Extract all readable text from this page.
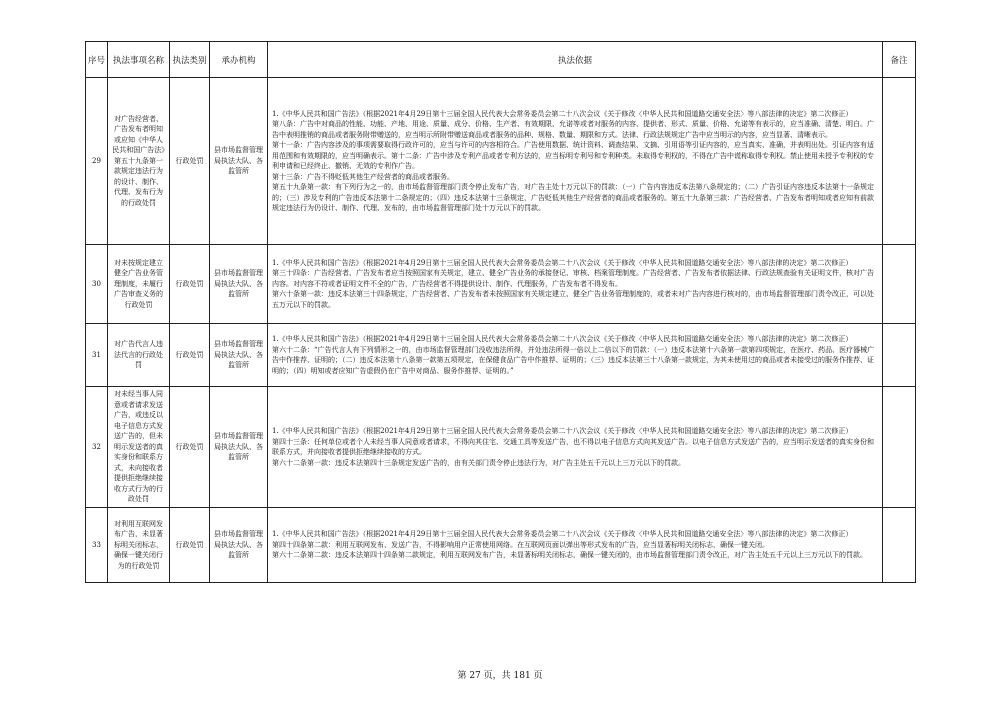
序号	执法事项名称	执法类别	承办机构	执法依据	备注
29	对广告经营者、广告发布者明知或应知《中华人民共和国广告法》第五十九条第一款规定违法行为的设计、制作、代理、发布行为的行政处罚	行政处罚	县市场监督管理局执法大队、各监管所	1.《中华人民共和国广告法》（根据2021年4月29日第十三届全国人民代表大会常务委员会第二十八次会议《关于修改〈中华人民共和国道路交通安全法〉等八部法律的决定》第二次修正）
第八条：广告中对商品的性能、功能、产地、用途、质量、成分、价格、生产者、有效期限、允诺等或者对服务的内容、提供者、形式、质量、价格、允诺等有表示的，应当准确、清楚、明白。广告中表明推销的商品或者服务附带赠送的，应当明示所附带赠送商品或者服务的品种、规格、数量、期限和方式。法律、行政法规规定广告中应当明示的内容，应当显著、清晰表示。
第十一条：广告内容涉及的事项需要取得行政许可的，应当与许可的内容相符合。广告使用数据、统计资料、调查结果、文摘、引用语等引证内容的，应当真实、准确，并表明出处。引证内容有适用范围和有效期限的，应当明确表示。第十二条：广告中涉及专利产品或者专利方法的，应当标明专利号和专利种类。未取得专利权的，不得在广告中谎称取得专利权。禁止使用未授予专利权的专利申请和已经终止、撤销、无效的专利作广告。
第十三条：广告不得贬低其他生产经营者的商品或者服务。
第五十九条第一款：有下列行为之一的，由市场监督管理部门责令停止发布广告，对广告主处十万元以下的罚款：（一）广告内容违反本法第八条规定的；（二）广告引证内容违反本法第十一条规定的；（三）涉及专利的广告违反本法第十二条规定的；（四）违反本法第十三条规定，广告贬低其他生产经营者的商品或者服务的。第五十九条第三款：广告经营者、广告发布者明知或者应知有前款规定违法行为仍设计、制作、代理、发布的，由市场监督管理部门处十万元以下的罚款。	

30	对未按规定建立健全广告业务管理制度，未履行广告审查义务的行政处罚	行政处罚	县市场监督管理局执法大队、各监管所	1.《中华人民共和国广告法》（根据2021年4月29日第十三届全国人民代表大会常务委员会第二十八次会议《关于修改〈中华人民共和国道路交通安全法〉等八部法律的决定》第二次修正）
第三十四条：广告经营者、广告发布者应当按照国家有关规定，建立、健全广告业务的承接登记、审核、档案管理制度。广告经营者、广告发布者依据法律、行政法规查验有关证明文件，核对广告内容。对内容不符或者证明文件不全的广告，广告经营者不得提供设计、制作、代理服务，广告发布者不得发布。
第六十条第一款：违反本法第三十四条规定，广告经营者、广告发布者未按照国家有关规定建立、健全广告业务管理制度的，或者未对广告内容进行核对的，由市场监督管理部门责令改正，可以处五万元以下的罚款。	

31	对广告代言人违法代言的行政处罚	行政处罚	县市场监督管理局执法大队、各监管所	1.《中华人民共和国广告法》（根据2021年4月29日第十三届全国人民代表大会常务委员会第二十八次会议《关于修改〈中华人民共和国道路交通安全法〉等八部法律的决定》第二次修正）
第六十二条：“广告代言人有下列情形之一的，由市场监督管理部门没收违法所得，并处违法所得一倍以上二倍以下的罚款：（一）违反本法第十六条第一款第四项规定，在医疗、药品、医疗器械广告中作推荐、证明的；（二）违反本法第十八条第一款第五项规定，在保健食品广告中作推荐、证明的；（三）违反本法第三十八条第一款规定，为其未使用过的商品或者未接受过的服务作推荐、证明的；（四）明知或者应知广告虚假仍在广告中对商品、服务作推荐、证明的。”	

32	对未经当事人同意或者请求发送广告，或违反以电子信息方式发送广告的，但未明示发送者的真实身份和联系方式，未向接收者提供拒绝继续接收方式行为的行政处罚	行政处罚	县市场监督管理局执法大队、各监管所	1.《中华人民共和国广告法》（根据2021年4月29日第十三届全国人民代表大会常务委员会第二十八次会议《关于修改〈中华人民共和国道路交通安全法〉等八部法律的决定》第二次修正）
第四十三条：任何单位或者个人未经当事人同意或者请求，不得向其住宅、交通工具等发送广告，也不得以电子信息方式向其发送广告。以电子信息方式发送广告的，应当明示发送者的真实身份和联系方式，并向接收者提供拒绝继续接收的方式。
第六十二条第一款：违反本法第四十三条规定发送广告的，由有关部门责令停止违法行为，对广告主处五千元以上三万元以下的罚款。	

33	对利用互联网发布广告，未显著标明关闭标志，确保一键关闭行为的行政处罚	行政处罚	县市场监督管理局执法大队、各监管所	1.《中华人民共和国广告法》（根据2021年4月29日第十三届全国人民代表大会常务委员会第二十八次会议《关于修改〈中华人民共和国道路交通安全法〉等八部法律的决定》第二次修正）
第四十四条第二款：利用互联网发布、发送广告，不得影响用户正常使用网络。在互联网页面以弹出等形式发布的广告，应当显著标明关闭标志，确保一键关闭。
第六十二条第二款：违反本法第四十四条第二款规定，利用互联网发布广告，未显著标明关闭标志，确保一键关闭的，由市场监督管理部门责令改正，对广告主处五千元以上三万元以下的罚款。	

第 27 页，共 181 页
